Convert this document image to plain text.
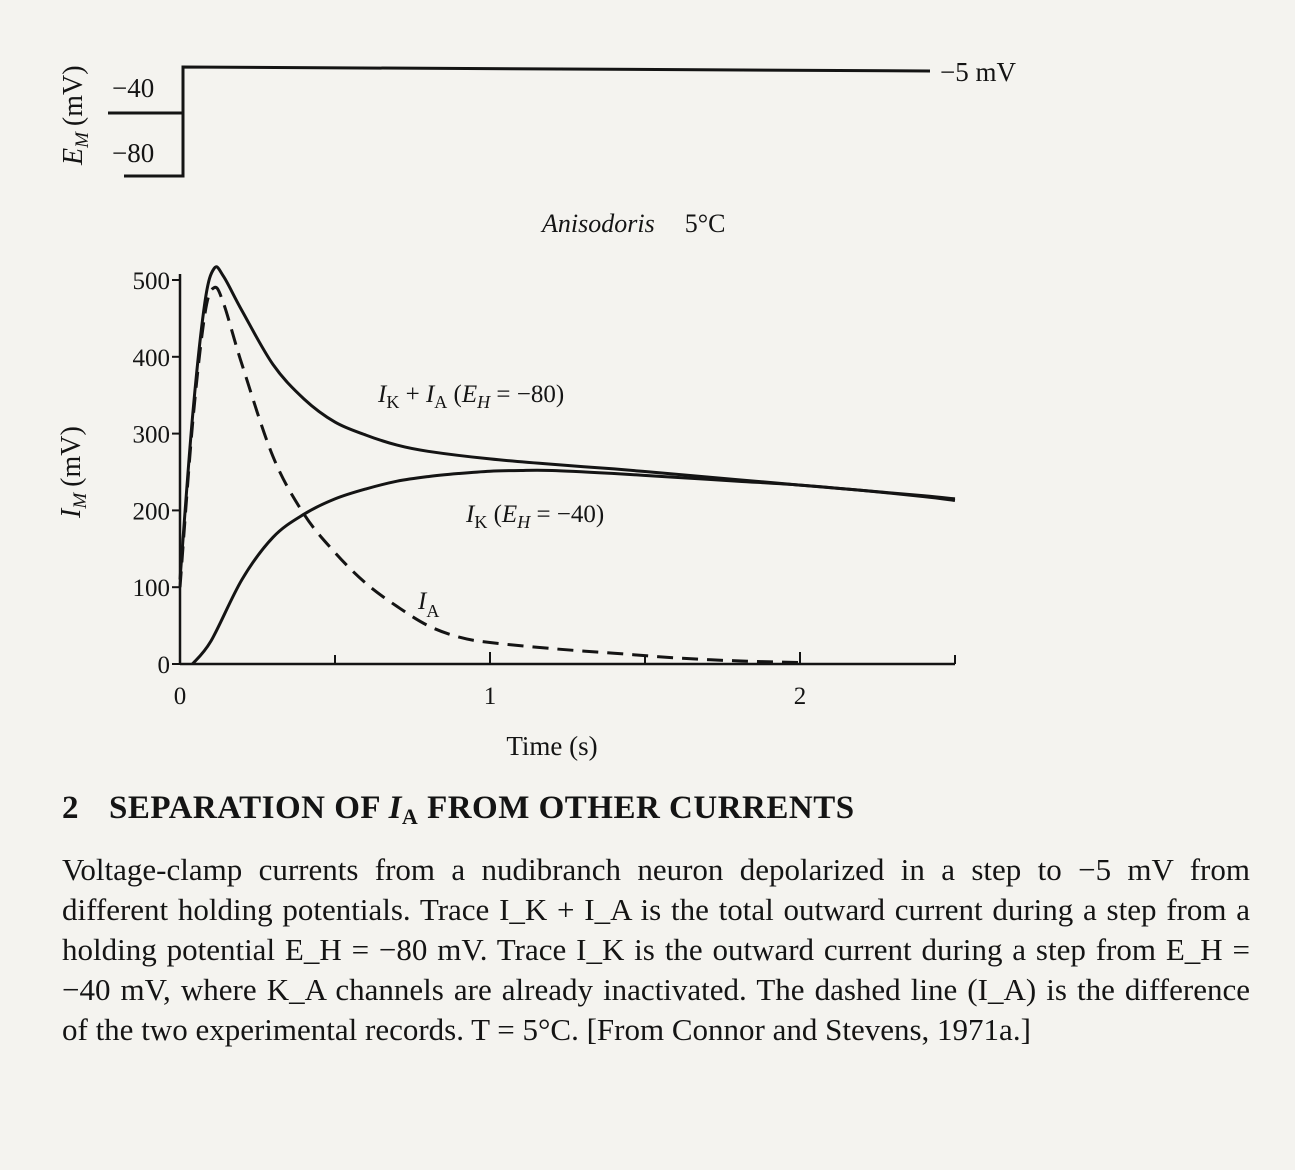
$E_M(mV) -40$
−80
−5 mV
Anisodoris 5°C
$I_M(mV)$
0
100
200
300
400
500
0	1	2
$I_K + I_A$ $(E_H = -80)$
$I_K$ $(E_H = -40)$
$I_A$
Time (s)
2 SEPARATION OF $I_A$ FROM OTHER CURRENTS
Voltage-clamp currents from a nudibranch neuron depolarized in a step to −5 mV from different holding potentials. Trace I_K + I_A is the total outward current during a step from a holding potential E_H = −80 mV. Trace I_K is the outward current during a step from E_H = −40 mV, where K_A channels are already inactivated. The dashed line (I_A) is the difference of the two experimental records. T = 5°C. [From Connor and Stevens, 1971a.]
